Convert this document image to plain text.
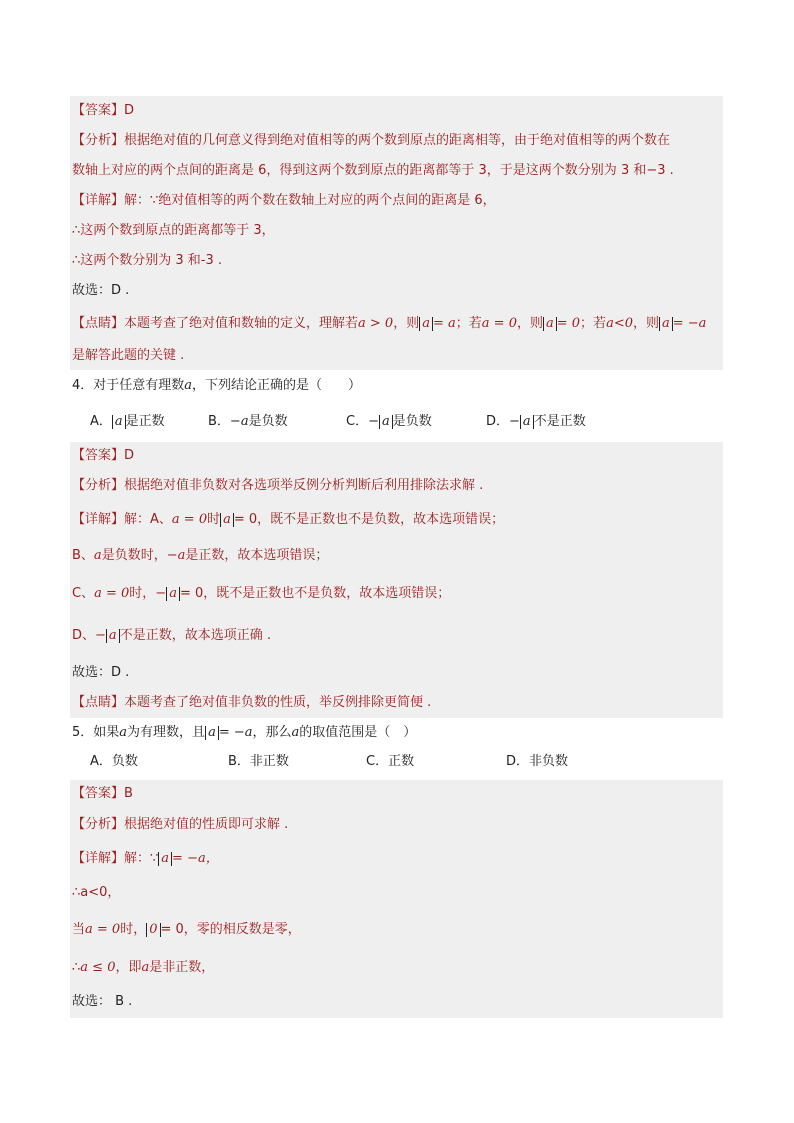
【答案】D
【分析】根据绝对值的几何意义得到绝对值相等的两个数到原点的距离相等，由于绝对值相等的两个数在
数轴上对应的两个点间的距离是 6，得到这两个数到原点的距离都等于 3，于是这两个数分别为 3 和−3 .
【详解】解：∵绝对值相等的两个数在数轴上对应的两个点间的距离是 6，
∴这两个数到原点的距离都等于 3，
∴这两个数分别为 3 和-3 .
故选：D .
【点睛】本题考查了绝对值和数轴的定义，理解若a > 0，则 a = a；若a = 0，则 a = 0；若a<0，则 a = −a
是解答此题的关键 .
4．对于任意有理数a，下列结论正确的是（　　）
A． a 是正数	B．−a是负数	C．− a 是负数	D．− a 不是正数
【答案】D
【分析】根据绝对值非负数对各选项举反例分析判断后利用排除法求解 .
【详解】解：A、a = 0时 a = 0，既不是正数也不是负数，故本选项错误；
B、a是负数时，−a是正数，故本选项错误；
C、a = 0时，− a = 0，既不是正数也不是负数，故本选项错误；
D、− a 不是正数，故本选项正确 .
故选：D .
【点睛】本题考查了绝对值非负数的性质，举反例排除更简便 .
5．如果a为有理数，且 a = −a，那么a的取值范围是（　）
A．负数	B．非正数	C．正数	D．非负数
【答案】B
【分析】根据绝对值的性质即可求解 .
【详解】解：∵ a = −a，
∴a<0，
当a = 0时， 0 = 0，零的相反数是零，
∴a ≤ 0，即a是非正数，
故选： B .
